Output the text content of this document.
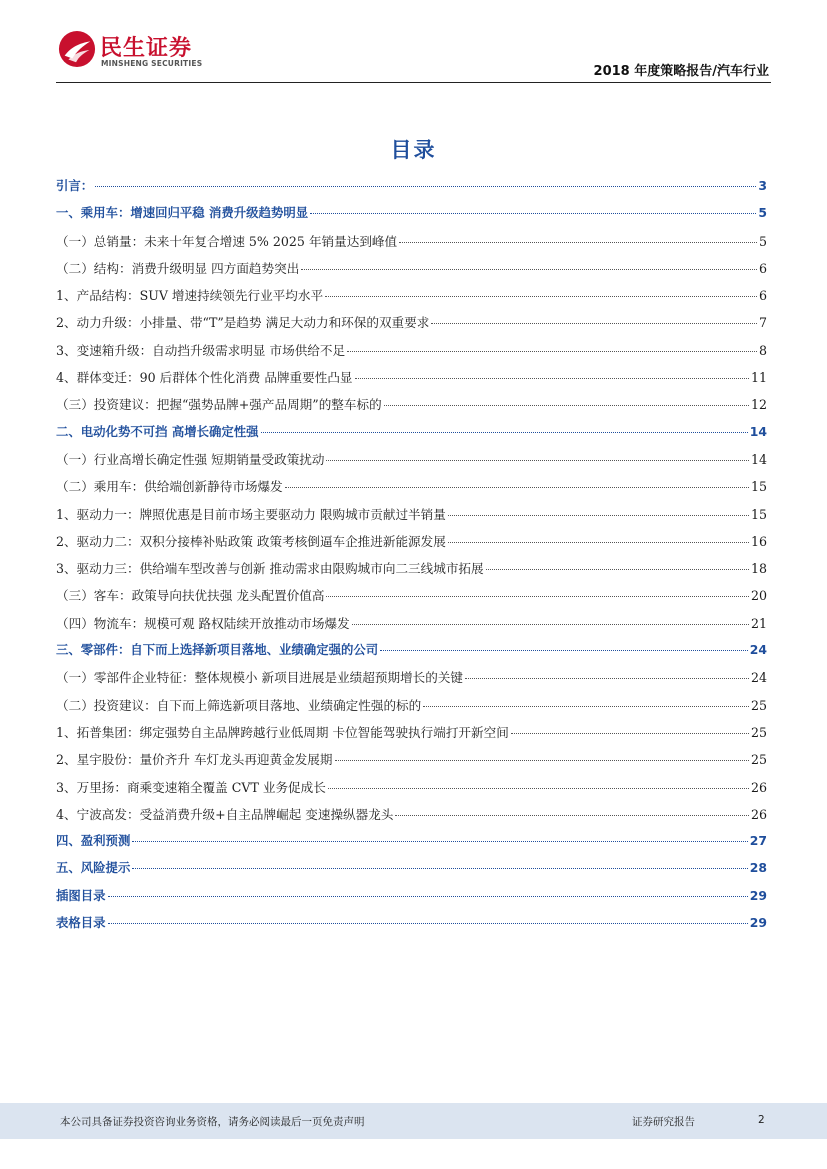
民生证券
MINSHENG SECURITIES
2018 年度策略报告/汽车行业
目录
引言：	3
一、乘用车：增速回归平稳 消费升级趋势明显	5
（一）总销量：未来十年复合增速 5% 2025 年销量达到峰值	5
（二）结构：消费升级明显 四方面趋势突出	6
1、产品结构：SUV 增速持续领先行业平均水平	6
2、动力升级：小排量、带“T”是趋势 满足大动力和环保的双重要求	7
3、变速箱升级：自动挡升级需求明显 市场供给不足	8
4、群体变迁：90 后群体个性化消费 品牌重要性凸显	11
（三）投资建议：把握“强势品牌+强产品周期”的整车标的	12
二、电动化势不可挡 高增长确定性强	14
（一）行业高增长确定性强 短期销量受政策扰动	14
（二）乘用车：供给端创新静待市场爆发	15
1、驱动力一：牌照优惠是目前市场主要驱动力 限购城市贡献过半销量	15
2、驱动力二：双积分接棒补贴政策 政策考核倒逼车企推进新能源发展	16
3、驱动力三：供给端车型改善与创新 推动需求由限购城市向二三线城市拓展	18
（三）客车：政策导向扶优扶强 龙头配置价值高	20
（四）物流车：规模可观 路权陆续开放推动市场爆发	21
三、零部件：自下而上选择新项目落地、业绩确定强的公司	24
（一）零部件企业特征：整体规模小 新项目进展是业绩超预期增长的关键	24
（二）投资建议：自下而上筛选新项目落地、业绩确定性强的标的	25
1、拓普集团：绑定强势自主品牌跨越行业低周期 卡位智能驾驶执行端打开新空间	25
2、星宇股份：量价齐升 车灯龙头再迎黄金发展期	25
3、万里扬：商乘变速箱全覆盖 CVT 业务促成长	26
4、宁波高发：受益消费升级+自主品牌崛起 变速操纵器龙头	26
四、盈利预测	27
五、风险提示	28
插图目录	29
表格目录	29
本公司具备证券投资咨询业务资格，请务必阅读最后一页免责声明	证券研究报告	2
